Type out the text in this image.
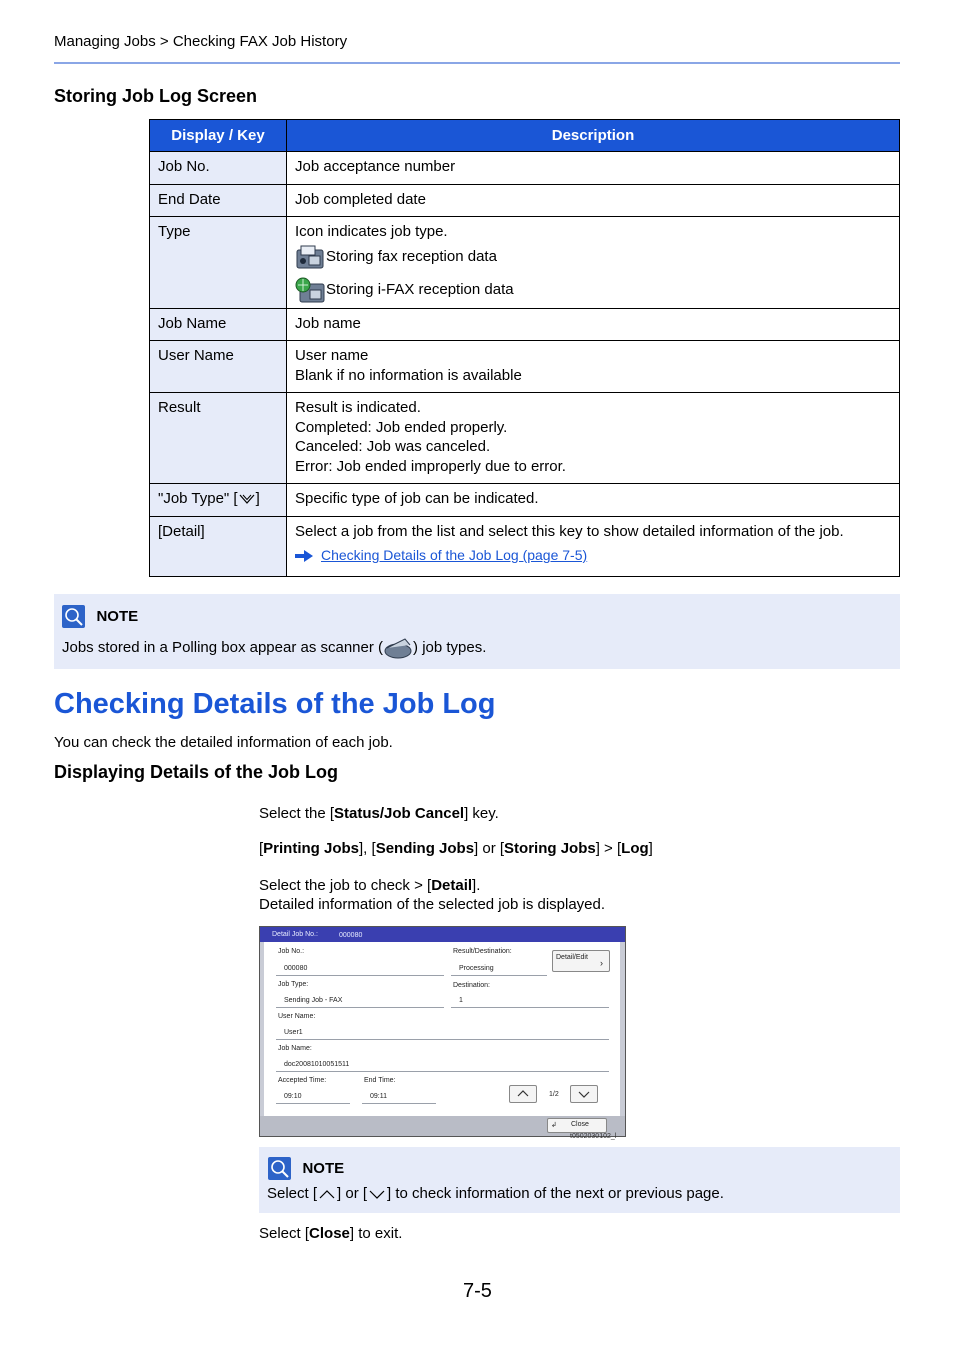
Managing Jobs > Checking FAX Job History
Storing Job Log Screen
Display / Key	Description
Job No.	Job acceptance number
End Date	Job completed date
Type	Icon indicates job type.
Storing fax reception data
Storing i-FAX reception data

Job Name	Job name
User Name	User name
Blank if no information is available

Result	Result is indicated.
Completed: Job ended properly.
Canceled: Job was canceled.
Error: Job ended improperly due to error.

"Job Type" [ ]	Specific type of job can be indicated.
[Detail]	Select a job from the list and select this key to show detailed information of the job.
Checking Details of the Job Log (page 7-5)
NOTE
Jobs stored in a Polling box appear as scanner ( ) job types.
Checking Details of the Job Log
You can check the detailed information of each job.
Displaying Details of the Job Log
Select the [Status/Job Cancel] key.
[Printing Jobs], [Sending Jobs] or [Storing Jobs] > [Log]
Select the job to check > [Detail].
Detailed information of the selected job is displayed.
Detail Job No.:	000080
Job No.:
000080
Result/Destination:
Processing
Detail/Edit
›
Job Type:
Sending Job - FAX
Destination:
1
User Name:
User1
Job Name:
doc20081010051511
Accepted Time:
09:10
End Time:
09:11	1/2
↲ Close
t0502030102_l
NOTE
Select [ ] or [ ] to check information of the next or previous page.
Select [Close] to exit.
7-5
